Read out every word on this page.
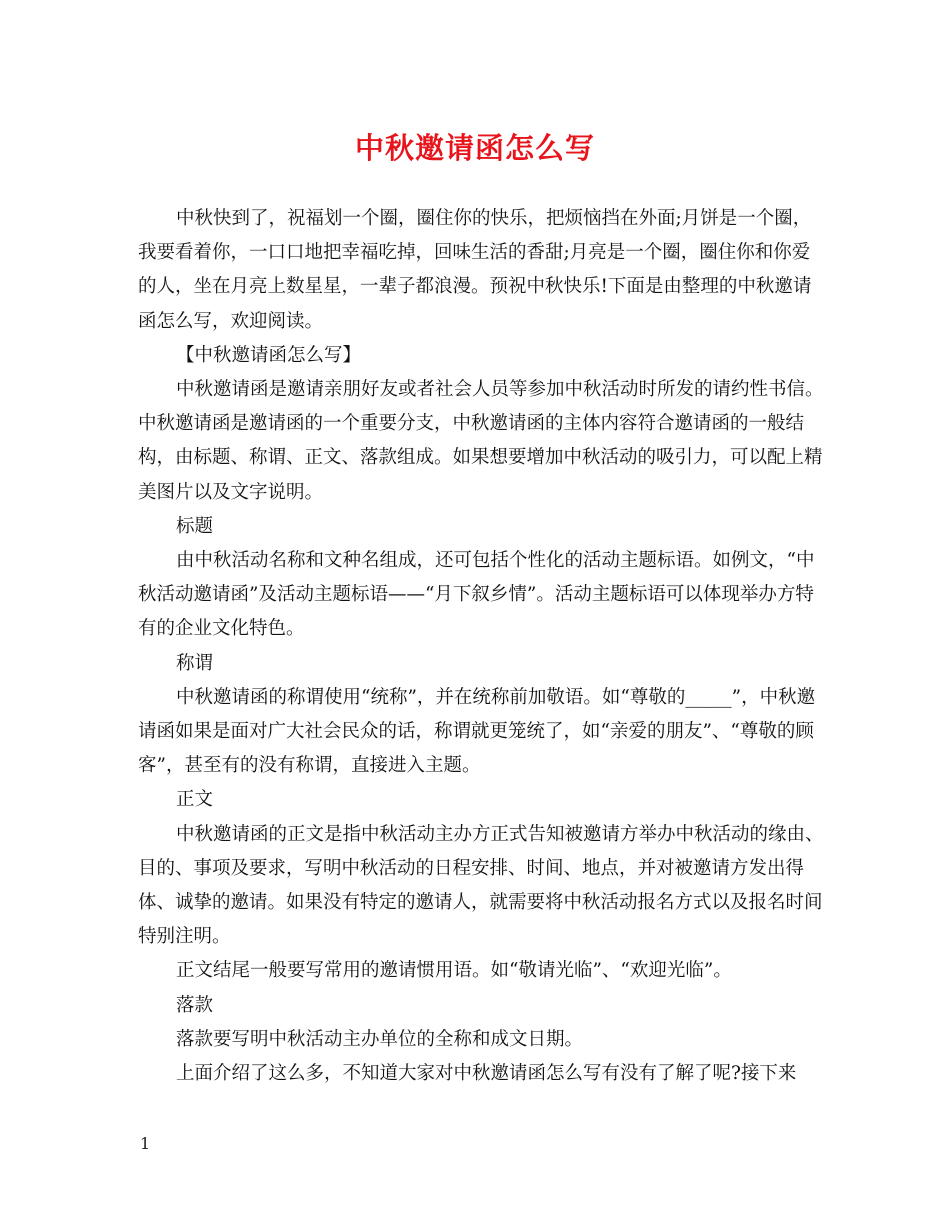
中秋邀请函怎么写

中秋快到了，祝福划一个圈，圈住你的快乐，把烦恼挡在外面;月饼是一个圈，我要看着你，一口口地把幸福吃掉，回味生活的香甜;月亮是一个圈，圈住你和你爱的人，坐在月亮上数星星，一辈子都浪漫。预祝中秋快乐!下面是由整理的中秋邀请函怎么写，欢迎阅读。

【中秋邀请函怎么写】

中秋邀请函是邀请亲朋好友或者社会人员等参加中秋活动时所发的请约性书信。中秋邀请函是邀请函的一个重要分支，中秋邀请函的主体内容符合邀请函的一般结构，由标题、称谓、正文、落款组成。如果想要增加中秋活动的吸引力，可以配上精美图片以及文字说明。

标题

由中秋活动名称和文种名组成，还可包括个性化的活动主题标语。如例文，“中秋活动邀请函”及活动主题标语——“月下叙乡情”。活动主题标语可以体现举办方特有的企业文化特色。

称谓

中秋邀请函的称谓使用“统称”，并在统称前加敬语。如“尊敬的_____”，中秋邀请函如果是面对广大社会民众的话，称谓就更笼统了，如“亲爱的朋友”、“尊敬的顾客”，甚至有的没有称谓，直接进入主题。

正文

中秋邀请函的正文是指中秋活动主办方正式告知被邀请方举办中秋活动的缘由、目的、事项及要求，写明中秋活动的日程安排、时间、地点，并对被邀请方发出得体、诚挚的邀请。如果没有特定的邀请人，就需要将中秋活动报名方式以及报名时间特别注明。

正文结尾一般要写常用的邀请惯用语。如“敬请光临”、“欢迎光临”。

落款

落款要写明中秋活动主办单位的全称和成文日期。

上面介绍了这么多，不知道大家对中秋邀请函怎么写有没有了解了呢?接下来

1
